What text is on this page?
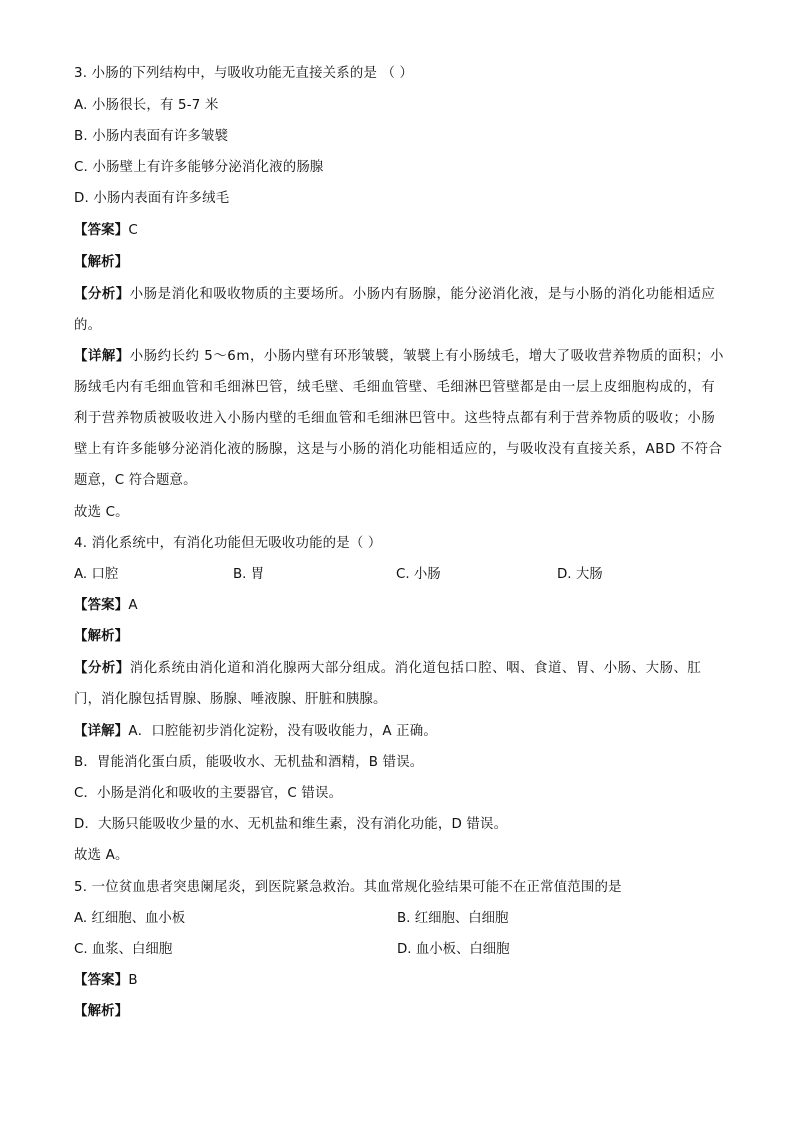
3. 小肠的下列结构中，与吸收功能无直接关系的是 （ ）
A. 小肠很长，有 5-7 米
B. 小肠内表面有许多皱襞
C. 小肠壁上有许多能够分泌消化液的肠腺
D. 小肠内表面有许多绒毛
【答案】C
【解析】
【分析】小肠是消化和吸收物质的主要场所。小肠内有肠腺，能分泌消化液，是与小肠的消化功能相适应
的。
【详解】小肠约长约 5～6m，小肠内壁有环形皱襞，皱襞上有小肠绒毛，增大了吸收营养物质的面积；小
肠绒毛内有毛细血管和毛细淋巴管，绒毛壁、毛细血管壁、毛细淋巴管壁都是由一层上皮细胞构成的，有
利于营养物质被吸收进入小肠内壁的毛细血管和毛细淋巴管中。这些特点都有利于营养物质的吸收；小肠
壁上有许多能够分泌消化液的肠腺，这是与小肠的消化功能相适应的，与吸收没有直接关系，ABD 不符合
题意，C 符合题意。
故选 C。
4. 消化系统中，有消化功能但无吸收功能的是（ ）
A. 口腔	B. 胃	C. 小肠	D. 大肠
【答案】A
【解析】
【分析】消化系统由消化道和消化腺两大部分组成。消化道包括口腔、咽、食道、胃、小肠、大肠、肛
门，消化腺包括胃腺、肠腺、唾液腺、肝脏和胰腺。
【详解】A．口腔能初步消化淀粉，没有吸收能力，A 正确。
B．胃能消化蛋白质，能吸收水、无机盐和酒精，B 错误。
C．小肠是消化和吸收的主要器官，C 错误。
D．大肠只能吸收少量的水、无机盐和维生素，没有消化功能，D 错误。
故选 A。
5. 一位贫血患者突患阑尾炎，到医院紧急救治。其血常规化验结果可能不在正常值范围的是
A. 红细胞、血小板	B. 红细胞、白细胞
C. 血浆、白细胞	D. 血小板、白细胞
【答案】B
【解析】
